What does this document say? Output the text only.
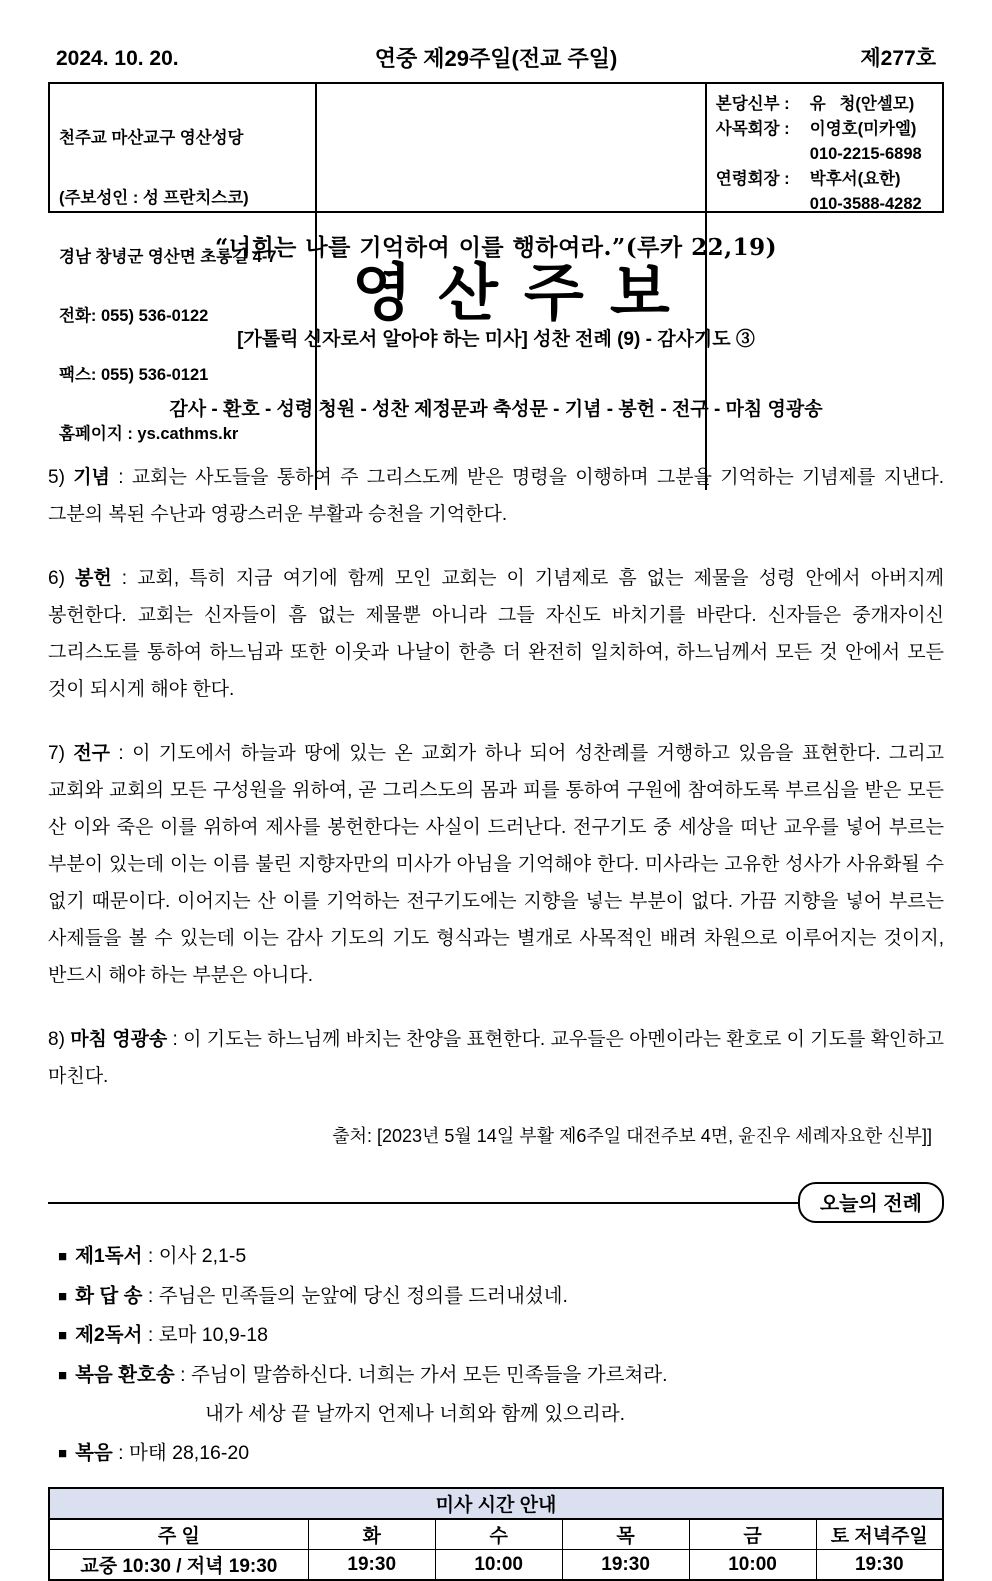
2024. 10. 20.	연중 제29주일(전교 주일)	제277호

천주교 마산교구 영산성당

(주보성인 : 성 프란치스코)

경남 창녕군 영산면 초롱길 4-7

전화: 055) 536-0122

팩스: 055) 536-0121

홈페이지 : ys.cathms.kr

영산주보
본당신부 :	유   청(안셀모)
사목회장 :	이영호(미카엘)
010-2215-6898
연령회장 :	박후서(요한)
010-3588-4282
“너희는 나를 기억하여 이를 행하여라.”(루카 22,19)
[가톨릭 신자로서 알아야 하는 미사] 성찬 전례 (9) - 감사기도 ③
감사 - 환호 - 성령 청원 - 성찬 제정문과 축성문 - 기념 - 봉헌 - 전구 - 마침 영광송
5) 기념 : 교회는 사도들을 통하여 주 그리스도께 받은 명령을 이행하며 그분을 기억하는 기념제를 지낸다. 그분의 복된 수난과 영광스러운 부활과 승천을 기억한다.
6) 봉헌 : 교회, 특히 지금 여기에 함께 모인 교회는 이 기념제로 흠 없는 제물을 성령 안에서 아버지께 봉헌한다. 교회는 신자들이 흠 없는 제물뿐 아니라 그들 자신도 바치기를 바란다. 신자들은 중개자이신 그리스도를 통하여 하느님과 또한 이웃과 나날이 한층 더 완전히 일치하여, 하느님께서 모든 것 안에서 모든 것이 되시게 해야 한다.
7) 전구 : 이 기도에서 하늘과 땅에 있는 온 교회가 하나 되어 성찬례를 거행하고 있음을 표현한다. 그리고 교회와 교회의 모든 구성원을 위하여, 곧 그리스도의 몸과 피를 통하여 구원에 참여하도록 부르심을 받은 모든 산 이와 죽은 이를 위하여 제사를 봉헌한다는 사실이 드러난다. 전구기도 중 세상을 떠난 교우를 넣어 부르는 부분이 있는데 이는 이름 불린 지향자만의 미사가 아님을 기억해야 한다. 미사라는 고유한 성사가 사유화될 수 없기 때문이다. 이어지는 산 이를 기억하는 전구기도에는 지향을 넣는 부분이 없다. 가끔 지향을 넣어 부르는 사제들을 볼 수 있는데 이는 감사 기도의 기도 형식과는 별개로 사목적인 배려 차원으로 이루어지는 것이지, 반드시 해야 하는 부분은 아니다.
8) 마침 영광송 : 이 기도는 하느님께 바치는 찬양을 표현한다. 교우들은 아멘이라는 환호로 이 기도를 확인하고 마친다.
출처: [2023년 5월 14일 부활 제6주일 대전주보 4면, 윤진우 세례자요한 신부]]
오늘의 전례
■ 제1독서 : 이사 2,1-5
■ 화 답 송 : 주님은 민족들의 눈앞에 당신 정의를 드러내셨네.
■ 제2독서 : 로마 10,9-18
■ 복음 환호송 : 주님이 말씀하신다. 너희는 가서 모든 민족들을 가르쳐라.
내가 세상 끝 날까지 언제나 너희와 함께 있으리라.
■ 복음 : 마태 28,16-20
미사 시간 안내					
주 일	화	수	목	금	토 저녁주일
교중 10:30 / 저녁 19:30	19:30	10:00	19:30	10:00	19:30
